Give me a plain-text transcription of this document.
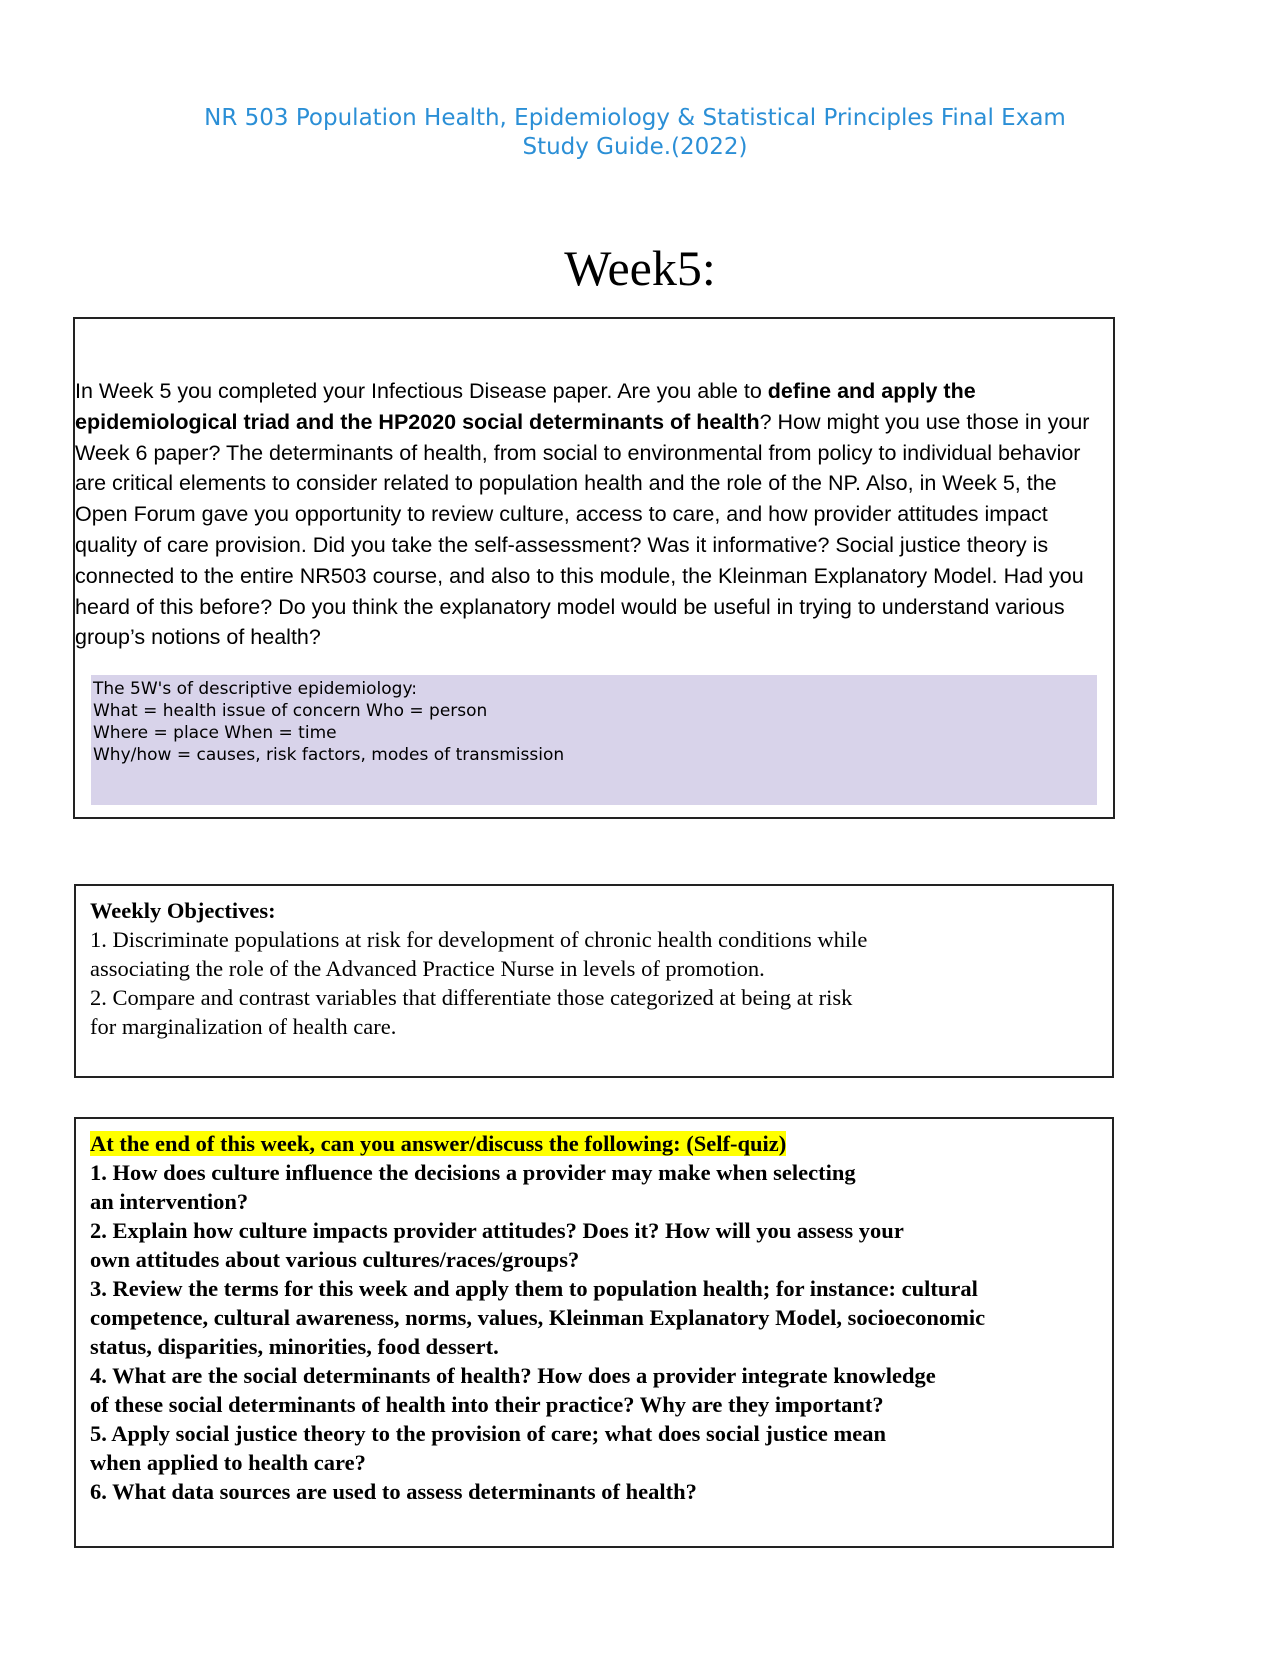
NR 503 Population Health, Epidemiology & Statistical Principles Final Exam
Study Guide.(2022)
Week5:

In Week 5 you completed your Infectious Disease paper. Are you able to define and apply the epidemiological triad and the HP2020 social determinants of health? How might you use those in your Week 6 paper? The determinants of health, from social to environmental from policy to individual behavior are critical elements to consider related to population health and the role of the NP. Also, in Week 5, the Open Forum gave you opportunity to review culture, access to care, and how provider attitudes impact quality of care provision. Did you take the self-assessment? Was it informative? Social justice theory is connected to the entire NR503 course, and also to this module, the Kleinman Explanatory Model. Had you heard of this before? Do you think the explanatory model would be useful in trying to understand various group’s notions of health?

The 5W's of descriptive epidemiology:
What = health issue of concern Who = person
Where = place When = time
Why/how = causes, risk factors, modes of transmission
Weekly Objectives:
1. Discriminate populations at risk for development of chronic health conditions while
associating the role of the Advanced Practice Nurse in levels of promotion.
2. Compare and contrast variables that differentiate those categorized at being at risk
for marginalization of health care.
At the end of this week, can you answer/discuss the following: (Self-quiz)
1. How does culture influence the decisions a provider may make when selecting
an intervention?
2. Explain how culture impacts provider attitudes? Does it? How will you assess your
own attitudes about various cultures/races/groups?
3. Review the terms for this week and apply them to population health; for instance: cultural
competence, cultural awareness, norms, values, Kleinman Explanatory Model, socioeconomic
status, disparities, minorities, food dessert.
4. What are the social determinants of health? How does a provider integrate knowledge
of these social determinants of health into their practice? Why are they important?
5. Apply social justice theory to the provision of care; what does social justice mean
when applied to health care?
6. What data sources are used to assess determinants of health?
